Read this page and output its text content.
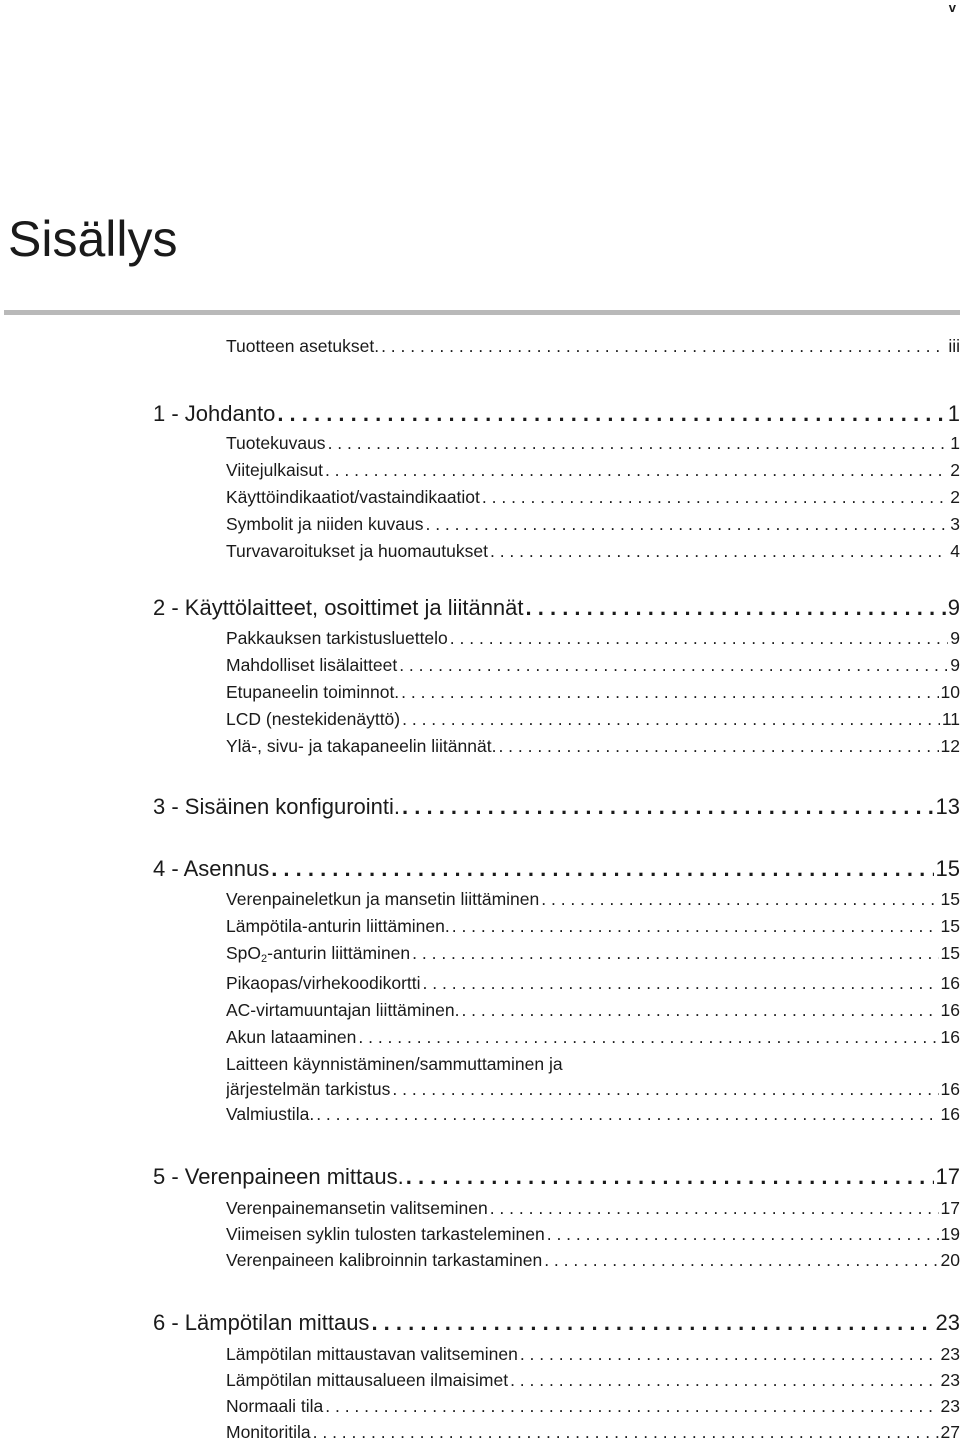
v
Sisällys
Tuotteen asetukset. . . .	iii
1 - Johdanto . . .	1
Tuotekuvaus . . .	1
Viitejulkaisut . . .	2
Käyttöindikaatiot/vastaindikaatiot . . .	2
Symbolit ja niiden kuvaus . . .	3
Turvavaroitukset ja huomautukset . . .	4
2 - Käyttölaitteet, osoittimet ja liitännät . . .	9
Pakkauksen tarkistusluettelo . . .	9
Mahdolliset lisälaitteet . . .	9
Etupaneelin toiminnot. . . .	10
LCD (nestekidenäyttö) . . .	11
Ylä-, sivu- ja takapaneelin liitännät. . . .	12
3 - Sisäinen konfigurointi. . . .	13
4 - Asennus . . .	15
Verenpaineletkun ja mansetin liittäminen . . .	15
Lämpötila-anturin liittäminen. . . .	15
SpO$_2$-anturin liittäminen . . .	15
Pikaopas/virhekoodikortti . . .	16
AC-virtamuuntajan liittäminen. . . .	16
Akun lataaminen . . .	16
Laitteen käynnistäminen/sammuttaminen ja
järjestelmän tarkistus . . .	16
Valmiustila. . . .	16
5 - Verenpaineen mittaus. . . .	17
Verenpainemansetin valitseminen . . .	17
Viimeisen syklin tulosten tarkasteleminen . . .	19
Verenpaineen kalibroinnin tarkastaminen . . .	20
6 - Lämpötilan mittaus . . .	23
Lämpötilan mittaustavan valitseminen . . .	23
Lämpötilan mittausalueen ilmaisimet . . .	23
Normaali tila . . .	23
Monitoritila . . .	27
